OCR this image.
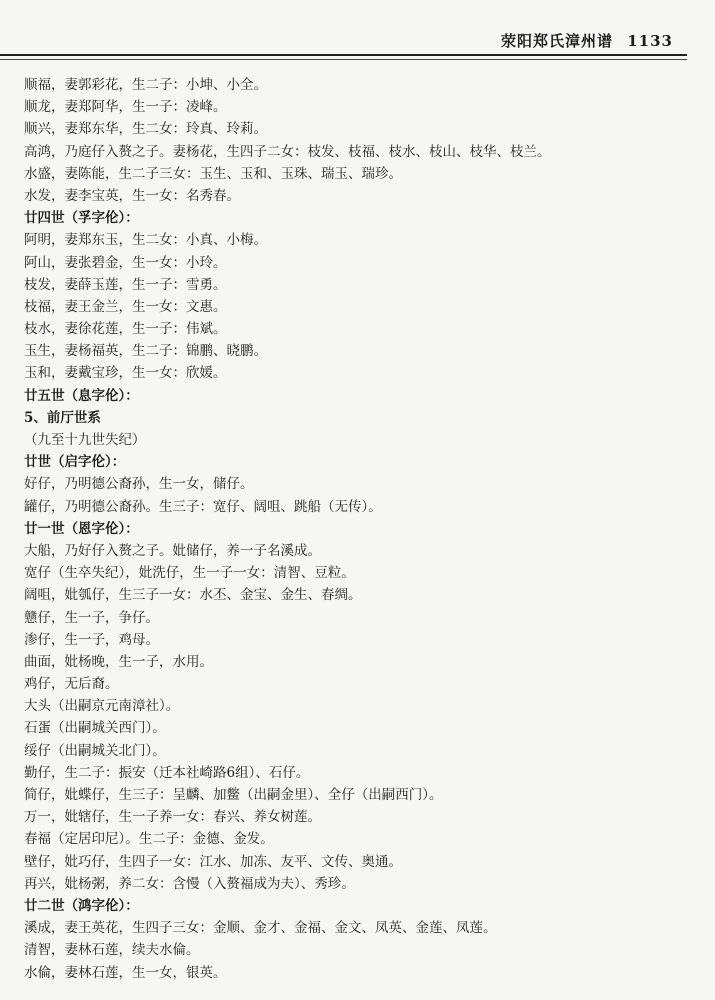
荥阳郑氏漳州谱 1133
顺福，妻郭彩花，生二子：小坤、小全。
顺龙，妻郑阿华，生一子：凌峰。
顺兴，妻郑东华，生二女：玲真、玲莉。
高鸿，乃庭仔入赘之子。妻杨花，生四子二女：枝发、枝福、枝水、枝山、枝华、枝兰。
水盛，妻陈能，生二子三女：玉生、玉和、玉珠、瑞玉、瑞珍。
水发，妻李宝英，生一女：名秀春。
廿四世（孚字伦）：
阿明，妻郑东玉，生二女：小真、小梅。
阿山，妻张碧金，生一女：小玲。
枝发，妻薛玉莲，生一子：雪勇。
枝福，妻王金兰，生一女：文惠。
枝水，妻徐花莲，生一子：伟斌。
玉生，妻杨福英，生二子：锦鹏、晓鹏。
玉和，妻戴宝珍，生一女：欣媛。
廿五世（息字伦）：
5、前厅世系
（九至十九世失纪）
廿世（启字伦）：
好仔，乃明德公裔孙，生一女，储仔。
罐仔，乃明德公裔孙。生三子：宽仔、阔咀、跳船（无传）。
廿一世（恩字伦）：
大船，乃好仔入赘之子。妣储仔，养一子名溪成。
宽仔（生卒失纪），妣洗仔，生一子一女：清智、豆粒。
阔咀，妣瓠仔，生三子一女：水丕、金宝、金生、春绸。
戆仔，生一子，争仔。
渗仔，生一子，鸡母。
曲面，妣杨晚，生一子，水用。
鸡仔，无后裔。
大头（出嗣京元南漳社）。
石蛋（出嗣城关西门）。
绥仔（出嗣城关北门）。
勤仔，生二子：振安（迁本社崎路6组）、石仔。
简仔，妣蝶仔，生三子：呈麟、加鳖（出嗣金里）、全仔（出嗣西门）。
万一，妣辖仔，生一子养一女：春兴、养女树莲。
春福（定居印尼）。生二子：金德、金发。
壁仔，妣巧仔，生四子一女：江水、加冻、友平、文传、奥通。
再兴，妣杨粥，养二女：含慢（入赘福成为夫）、秀珍。
廿二世（鸿字伦）：
溪成，妻王英花，生四子三女：金顺、金才、金福、金文、凤英、金莲、凤莲。
清智，妻林石莲，续夫水倫。
水倫，妻林石莲，生一女，银英。
